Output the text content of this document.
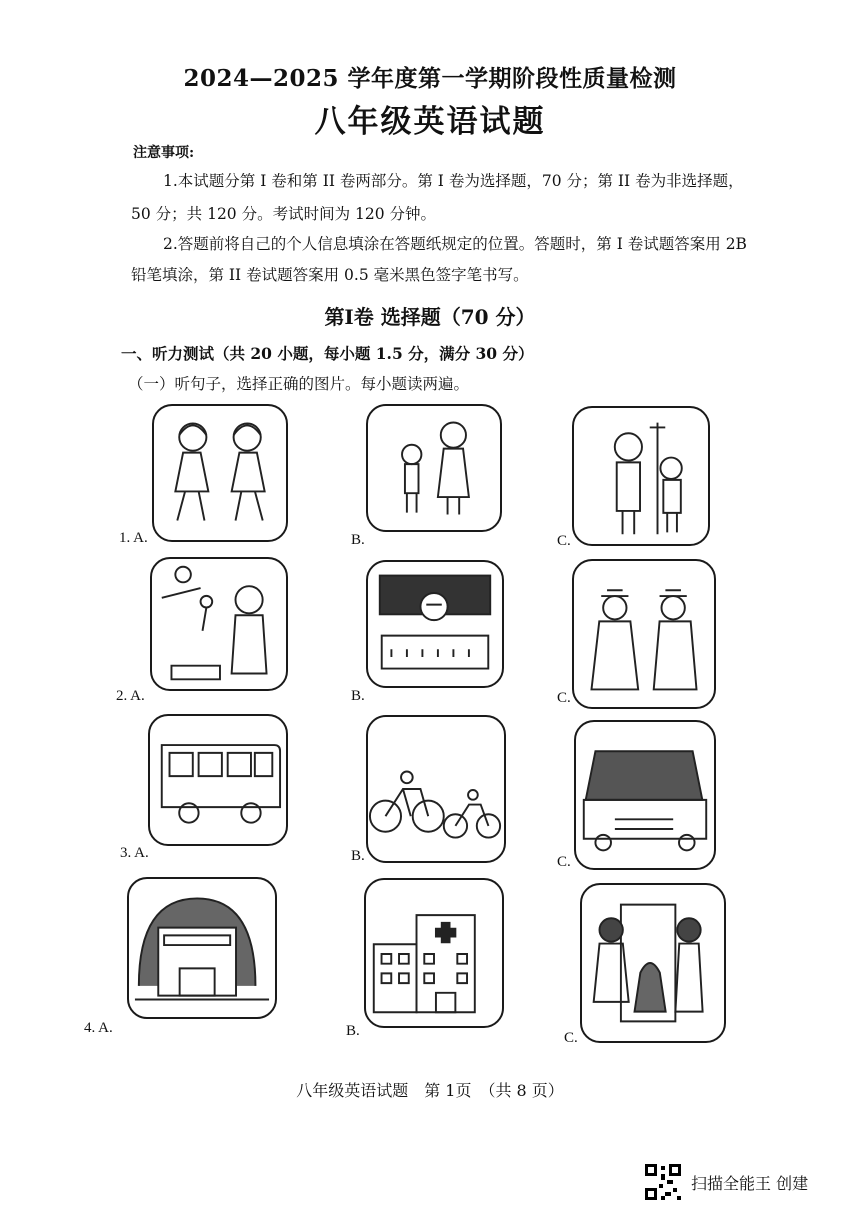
2024—2025 学年度第一学期阶段性质量检测
八年级英语试题
注意事项:
1.本试题分第 I 卷和第 II 卷两部分。第 I 卷为选择题，70 分；第 II 卷为非选择题，
50 分；共 120 分。考试时间为 120 分钟。
2.答题前将自己的个人信息填涂在答题纸规定的位置。答题时，第 I 卷试题答案用 2B
铅笔填涂，第 II 卷试题答案用 0.5 毫米黑色签字笔书写。
第Ⅰ卷 选择题（70 分）
一、听力测试（共 20 小题，每小题 1.5 分，满分 30 分）
（一）听句子，选择正确的图片。每小题读两遍。
1. A.	B.	C.
2. A.	B.	C.
3. A.	B.	C.
4. A.	B.	C.
八年级英语试题　第 1页　（共 8 页）
扫描全能王 创建
